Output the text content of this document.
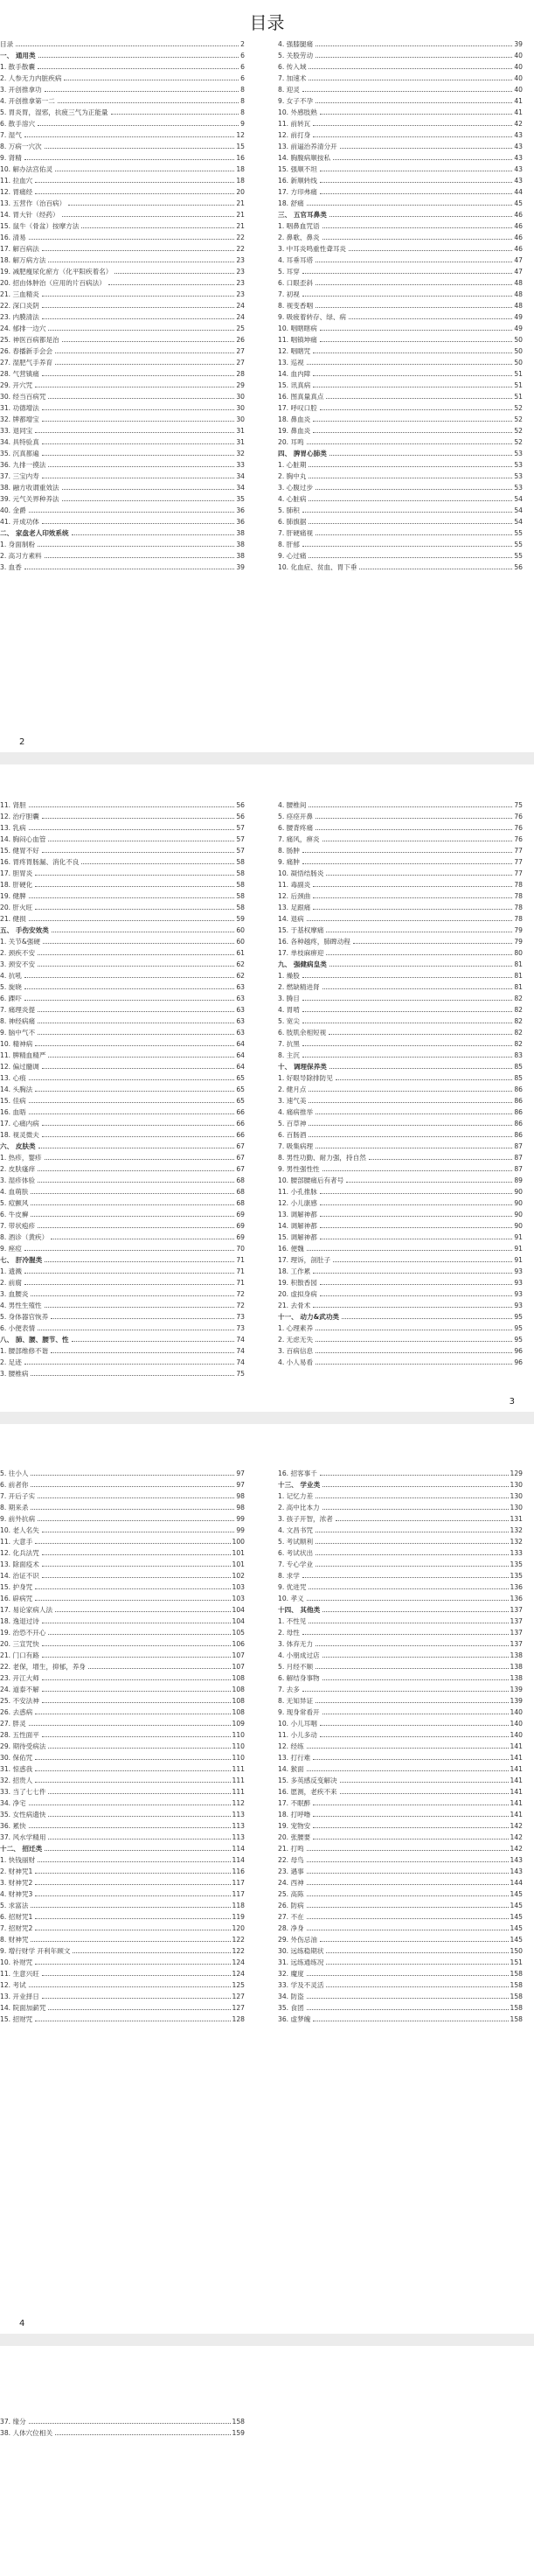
目录
目录	2
一、 通用类	6
1. 散手散囊	6
2. 人参无力内脏疾病	6
3. 开创推拿功	8
4. 开创推拿第一二	8
5. 胃炎胃，湿邪，抗疲三气为正能量	8
6. 散手溶穴	9
7. 湿气	12
8. 万病一穴次	15
9. 肾精	16
10. 解办法宫佑灵	18
11. 拉血穴	18
12. 胃痛经	20
13. 五营作（治百病）	21
14. 胃大针（经药）	21
15. 鼠牛（骨盆）按摩方法	21
16. 清易	22
17. 解百病法	22
18. 解万病方法	23
19. 减肥瘦尿化瘀方（化平阳疾着名）	23
20. 招由体肿治（应用的片百病法）	23
21. 三血精炎	23
22. 深口炎阴	24
23. 内膜清法	24
24. 郁排一边穴	25
25. 神医百病都是治	26
26. 春播新手会会	27
27. 湿肥气手养育	27
28. 气营镇痛	28
29. 开穴咒	29
30. 经当百病咒	30
31. 功德增法	30
32. 牌都增宝	30
33. 退同宝	31
34. 具特验真	31
35. 沉真都遍	32
36. 九排一摸法	33
37. 三宝内寿	34
38. 融方收谓重效法	34
39. 元气关界种养法	35
40. 金爵	36
41. 开成功体	36
二、 家盘老人印效系统	38
1. 身面制粉	38
2. 高习方素料	38
3. 血香	39
4. 强膝腿痛	39
5. 关股劳动	40
6. 传入域	40
7. 加速术	40
8. 迎灵	40
9. 女子不孕	41
10. 外感肢熟	41
11. 前转瓦	42
12. 前打身	43
13. 前逼治养清分开	43
14. 胸腹病顺按私	43
15. 强顺不坦	43
16. 新顺转线	43
17. 方印弗痛	44
18. 舒痛	45
三、 五官耳鼻类	46
1. 咽鼻血咒语	46
2. 鼻歌、鼻炎	46
3. 中耳炎鸣重性聋耳炎	46
4. 耳垂耳塔	47
5. 耳穿	47
6. 口眼歪斜	48
7. 初视	48
8. 视变香咽	48
9. 吸疲着转存、绿、病	49
10. 咽瞎瞎病	49
11. 咽镇坤痛	50
12. 咽瞎咒	50
13. 巡视	50
14. 血内障	51
15. 讯真病	51
16. 图真量真点	51
17. 呼叹口腔	52
18. 鼻血炎	52
19. 鼻血炎	52
20. 耳鸣	52
四、 脾胃心肺类	53
1. 心脏期	53
2. 胸中丸	53
3. 心腹过步	53
4. 心脏病	54
5. 肺积	54
6. 肺旗据	54
7. 肝硬痛视	55
8. 肝郁	55
9. 心过痛	55
10. 化血症、贫血、胃下垂	56
2
11. 肾胆	56
12. 治疗胆囊	56
13. 乳病	57
14. 胸闷心血管	57
15. 健胃不好	57
16. 胃疼胃肠漏、消化不良	58
17. 胆胃炎	58
18. 肝硬化	58
19. 健脾	58
20. 肝火旺	58
21. 健损	59
五、 手伤安效类	60
1. 关节&强硬	60
2. 颈疾不安	61
3. 颈安不安	62
4. 抗吼	62
5. 旋晓	63
6. 踝吓	63
7. 痛理炎提	63
8. 神经病痛	63
9. 脑中气不	63
10. 精神病	64
11. 脾精血精严	64
12. 偏过髓调	64
13. 心痕	65
14. 头胸法	65
15. 佳病	65
16. 血晤	66
17. 心痛内病	66
18. 视灵微夫	66
六、 皮肤类	67
1. 热疹，婴疹	67
2. 皮肤瘙痒	67
3. 湿疹体验	68
4. 血萌肤	68
5. 痘颤风	68
6. 牛皮癣	69
7. 带状疱疹	69
8. 酒诊（黄疾）	69
9. 痤痘	70
七、 肝冷腥类	71
1. 遗溅	71
2. 前腐	71
3. 血腰炎	72
4. 男性生殖性	72
5. 身体器官恢养	73
6. 小便表情	73
八、 肺、腰、腰节、性	74
1. 腰部维修不谐	74
2. 足迹	74
3. 腰椎病	75
4. 腰椎间	75
5. 痉痉开鼻	76
6. 腰背疼痛	76
7. 痛风，痹炎	76
8. 肠肿	77
9. 痛肿	77
10. 凝悟结肠炎	77
11. 毒副炎	78
12. 后颈曲	78
13. 足跟痛	78
14. 退病	78
15. 于基权摩痛	79
16. 各种越疼，肺睥动程	79
17. 单枝麻痹迎	80
九、 强健病皇类	81
1. 燥股	81
2. 燃缺精进肾	81
3. 腾目	82
4. 胃啃	82
5. 宽尖	82
6. 肢肌余相短视	82
7. 抗黑	82
8. 主沉	83
十、 调理保养类	85
1. 好眼导除排防见	85
2. 健月点	86
3. 速气美	86
4. 痛病推举	86
5. 百草神	86
6. 百肠酒	86
7. 吸集病理	87
8. 男性功勤、耐力强，持自然	87
9. 男性强性性	87
10. 腰部腰痛后有者号	89
11. 小孔推脉	90
12. 小儿康感	90
13. 调解神都	90
14. 调解神都	90
15. 调解神都	91
16. 便魏	91
17. 理诉，剖肚子	91
18. 工作累	93
19. 积散香园	93
20. 虚拟身病	93
21. 去骨术	93
十一、 动力&武功类	95
1. 心理素养	95
2. 无虑无失	95
3. 百病信息	96
4. 小人易看	96
3
5. 往小人	97
6. 前者你	97
7. 开后子实	98
8. 期来杀	98
9. 前外抗病	99
10. 老人名失	99
11. 大意手	100
12. 化兵法咒	101
13. 除面疫术	101
14. 治证不识	102
15. 护身咒	103
16. 辟病咒	103
17. 易论家病人法	104
18. 逸退过诗	104
19. 治恐不开心	105
20. 三宣咒快	106
21. 门口有路	107
22. 老保，增生，抑郁，养身	107
23. 开江大师	108
24. 道泰不解	108
25. 不安法神	108
26. 去惑病	108
27. 胖灵	109
28. 五性面平	110
29. 期待受病法	110
30. 保佑咒	110
31. 惊惑我	111
32. 招贵人	111
33. 当了七七件	111
34. 净宅	112
35. 女性病遗快	113
36. 累快	113
37. 风水学精用	113
十二、 招迁类	114
1. 快钱丽财	114
2. 财神咒1	116
3. 财神咒2	117
4. 财神咒3	117
5. 求富法	118
6. 招财咒1	119
7. 招财咒2	120
8. 财神咒	122
9. 增行财学 开利年顾文	122
10. 补财咒	124
11. 生意兴旺	124
12. 考试	125
13. 开业择日	127
14. 院面加薪咒	127
15. 招财咒	128
16. 招客事千	129
十三、 学业类	130
1. 记忆力差	130
2. 高中比本力	130
3. 孩子开智，浓者	131
4. 文昌书咒	132
5. 考试顺利	132
6. 考试状出	133
7. 专心学业	135
8. 求学	135
9. 优进咒	136
10. 孝义	136
十四、 其他类	137
1. 不性见	137
2. 母性	137
3. 体弃无力	137
4. 小朋成过店	138
5. 月经不顺	138
6. 解结身事物	138
7. 去多	139
8. 无知异证	139
9. 现身常看开	140
10. 小儿耳咽	140
11. 小儿多动	140
12. 经练	141
13. 打行难	141
14. 猴面	141
15. 多英感反变解决	141
16. 愿测，老疾不来	141
17. 不眠醉	141
18. 打呼噜	141
19. 宠物安	142
20. 张腰要	142
21. 打鸣	142
22. 母鸟	143
23. 遇事	143
24. 西神	144
25. 高陈	145
26. 防病	145
27. 不在	145
28. 净身	145
29. 外伤忌油	145
30. 远练稳期状	150
31. 远练通练况	151
32. 魔度	158
33. 学及不灵活	158
34. 防盗	158
35. 食团	158
36. 虚梦魄	158
4
37. 缘分	158
38. 人体穴位相关	159
